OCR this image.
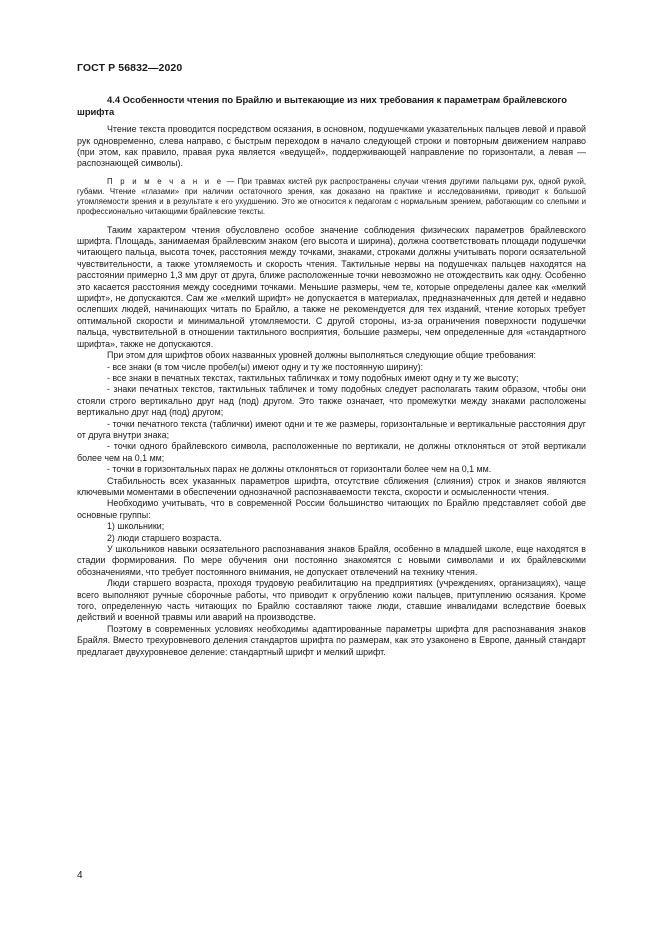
ГОСТ Р 56832—2020
4.4 Особенности чтения по Брайлю и вытекающие из них требования к параметрам брайлевского шрифта

Чтение текста проводится посредством осязания, в основном, подушечками указательных пальцев левой и правой рук одновременно, слева направо, с быстрым переходом в начало следующей строки и повторным движением направо (при этом, как правило, правая рука является «ведущей», поддерживающей направление по горизонтали, а левая — распознающей символы).

П р и м е ч а н и е — При травмах кистей рук распространены случаи чтения другими пальцами рук, одной рукой, губами. Чтение «глазами» при наличии остаточного зрения, как доказано на практике и исследованиями, приводит к большой утомляемости зрения и в результате к его ухудшению. Это же относится к педагогам с нормальным зрением, работающим со слепыми и профессионально читающими брайлевские тексты.

Таким характером чтения обусловлено особое значение соблюдения физических параметров брайлевского шрифта. Площадь, занимаемая брайлевским знаком (его высота и ширина), должна соответствовать площади подушечки читающего пальца, высота точек, расстояния между точками, знаками, строками должны учитывать пороги осязательной чувствительности, а также утомляемость и скорость чтения. Тактильные нервы на подушечках пальцев находятся на расстоянии примерно 1,3 мм друг от друга, ближе расположенные точки невозможно не отождествить как одну. Особенно это касается расстояния между соседними точками. Меньшие размеры, чем те, которые определены далее как «мелкий шрифт», не допускаются. Сам же «мелкий шрифт» не допускается в материалах, предназначенных для детей и недавно ослепших людей, начинающих читать по Брайлю, а также не рекомендуется для тех изданий, чтение которых требует оптимальной скорости и минимальной утомляемости. С другой стороны, из-за ограничения поверхности подушечки пальца, чувствительной в отношении тактильного восприятия, большие размеры, чем определенные для «стандартного шрифта», также не допускаются.

При этом для шрифтов обоих названных уровней должны выполняться следующие общие требования:

- все знаки (в том числе пробел(ы) имеют одну и ту же постоянную ширину):

- все знаки в печатных текстах, тактильных табличках и тому подобных имеют одну и ту же высоту;

- знаки печатных текстов, тактильных табличек и тому подобных следует располагать таким образом, чтобы они стояли строго вертикально друг над (под) другом. Это также означает, что промежутки между знаками расположены вертикально друг над (под) другом;

- точки печатного текста (таблички) имеют одни и те же размеры, горизонтальные и вертикальные расстояния друг от друга внутри знака;

- точки одного брайлевского символа, расположенные по вертикали, не должны отклоняться от этой вертикали более чем на 0,1 мм;

- точки в горизонтальных парах не должны отклоняться от горизонтали более чем на 0,1 мм.

Стабильность всех указанных параметров шрифта, отсутствие сближения (слияния) строк и знаков являются ключевыми моментами в обеспечении однозначной распознаваемости текста, скорости и осмысленности чтения.

Необходимо учитывать, что в современной России большинство читающих по Брайлю представляет собой две основные группы:

1) школьники;

2) люди старшего возраста.

У школьников навыки осязательного распознавания знаков Брайля, особенно в младшей школе, еще находятся в стадии формирования. По мере обучения они постоянно знакомятся с новыми символами и их брайлевскими обозначениями, что требует постоянного внимания, не допускает отвлечений на технику чтения.

Люди старшего возраста, проходя трудовую реабилитацию на предприятиях (учреждениях, организациях), чаще всего выполняют ручные сборочные работы, что приводит к огрублению кожи пальцев, притуплению осязания. Кроме того, определенную часть читающих по Брайлю составляют также люди, ставшие инвалидами вследствие боевых действий и военной травмы или аварий на производстве.

Поэтому в современных условиях необходимы адаптированные параметры шрифта для распознавания знаков Брайля. Вместо трехуровневого деления стандартов шрифта по размерам, как это узаконено в Европе, данный стандарт предлагает двухуровневое деление: стандартный шрифт и мелкий шрифт.

4
